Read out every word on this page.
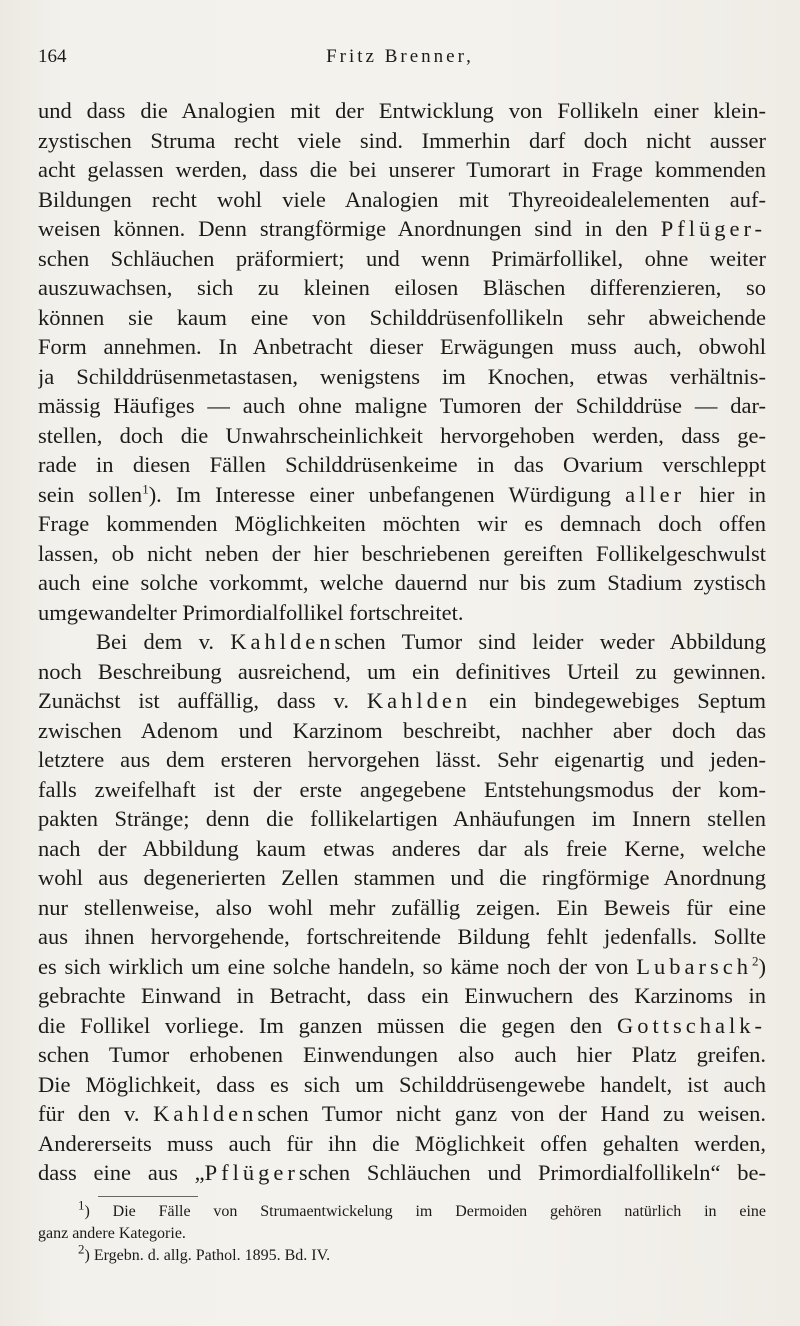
164	Fritz Brenner,
und dass die Analogien mit der Entwicklung von Follikeln einer klein-
zystischen Struma recht viele sind. Immerhin darf doch nicht ausser
acht gelassen werden, dass die bei unserer Tumorart in Frage kommenden
Bildungen recht wohl viele Analogien mit Thyreoidealelementen auf-
weisen können. Denn strangförmige Anordnungen sind in den Pflüger-
schen Schläuchen präformiert; und wenn Primärfollikel, ohne weiter
auszuwachsen, sich zu kleinen eilosen Bläschen differenzieren, so
können sie kaum eine von Schilddrüsenfollikeln sehr abweichende
Form annehmen. In Anbetracht dieser Erwägungen muss auch, obwohl
ja Schilddrüsenmetastasen, wenigstens im Knochen, etwas verhältnis-
mässig Häufiges — auch ohne maligne Tumoren der Schilddrüse — dar-
stellen, doch die Unwahrscheinlichkeit hervorgehoben werden, dass ge-
rade in diesen Fällen Schilddrüsenkeime in das Ovarium verschleppt
sein sollen$^1$). Im Interesse einer unbefangenen Würdigung aller hier in
Frage kommenden Möglichkeiten möchten wir es demnach doch offen
lassen, ob nicht neben der hier beschriebenen gereiften Follikelgeschwulst
auch eine solche vorkommt, welche dauernd nur bis zum Stadium zystisch
umgewandelter Primordialfollikel fortschreitet.
Bei dem v. Kahldenschen Tumor sind leider weder Abbildung
noch Beschreibung ausreichend, um ein definitives Urteil zu gewinnen.
Zunächst ist auffällig, dass v. Kahlden ein bindegewebiges Septum
zwischen Adenom und Karzinom beschreibt, nachher aber doch das
letztere aus dem ersteren hervorgehen lässt. Sehr eigenartig und jeden-
falls zweifelhaft ist der erste angegebene Entstehungsmodus der kom-
pakten Stränge; denn die follikelartigen Anhäufungen im Innern stellen
nach der Abbildung kaum etwas anderes dar als freie Kerne, welche
wohl aus degenerierten Zellen stammen und die ringförmige Anordnung
nur stellenweise, also wohl mehr zufällig zeigen. Ein Beweis für eine
aus ihnen hervorgehende, fortschreitende Bildung fehlt jedenfalls. Sollte
es sich wirklich um eine solche handeln, so käme noch der von Lubarsch$^2$)
gebrachte Einwand in Betracht, dass ein Einwuchern des Karzinoms in
die Follikel vorliege. Im ganzen müssen die gegen den Gottschalk-
schen Tumor erhobenen Einwendungen also auch hier Platz greifen.
Die Möglichkeit, dass es sich um Schilddrüsengewebe handelt, ist auch
für den v. Kahldenschen Tumor nicht ganz von der Hand zu weisen.
Andererseits muss auch für ihn die Möglichkeit offen gehalten werden,
dass eine aus „Pflügerschen Schläuchen und Primordialfollikeln“ be-
$^1$) Die Fälle von Strumaentwickelung im Dermoiden gehören natürlich in eine
ganz andere Kategorie.
$^2$) Ergebn. d. allg. Pathol. 1895. Bd. IV.
